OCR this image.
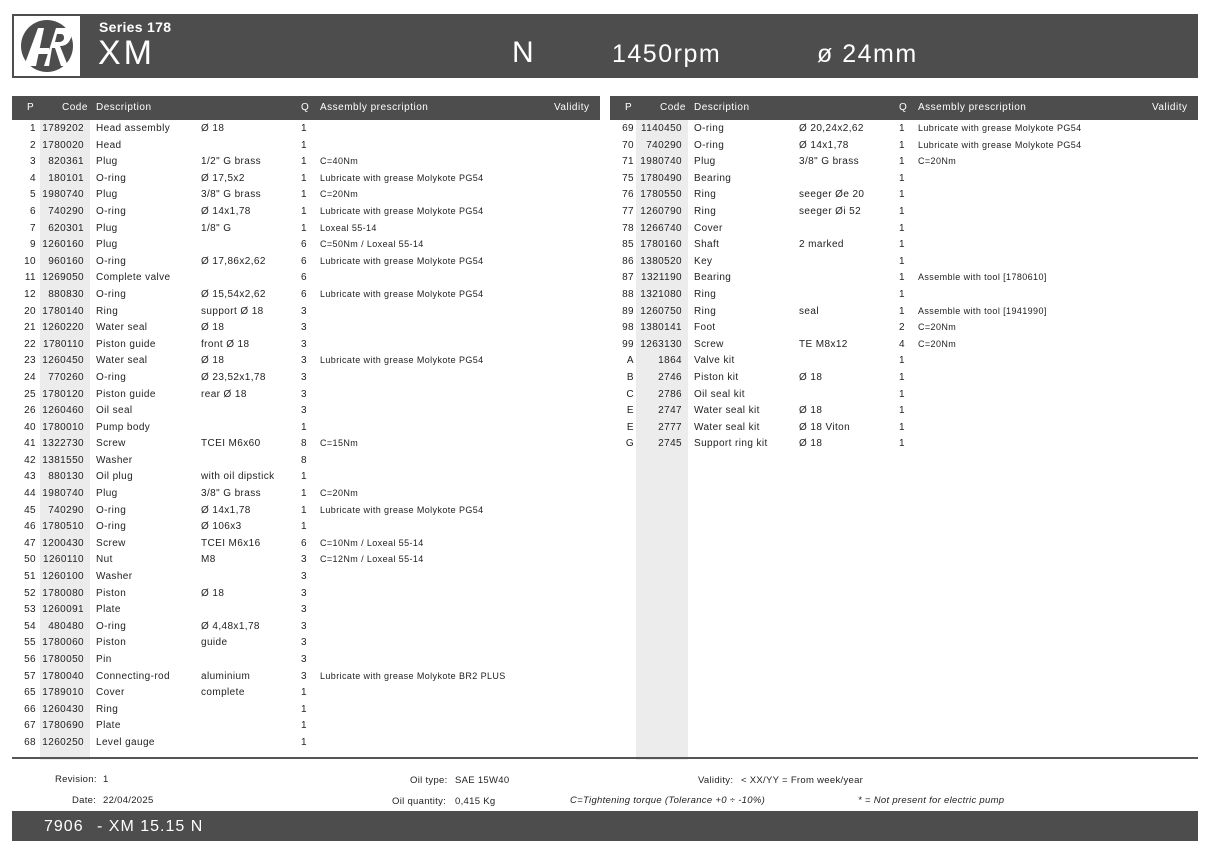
Series 178
XM	N	1450rpm	ø 24mm
P	Code Description	Q Assembly prescription	Validity
1 1789202 Head assembly	Ø 18	1
2 1780020 Head	1
3 820361 Plug	1/2" G brass	1 C=40Nm
4 180101 O-ring	Ø 17,5x2	1 Lubricate with grease Molykote PG54
5 1980740 Plug	3/8" G brass	1 C=20Nm
6 740290 O-ring	Ø 14x1,78	1 Lubricate with grease Molykote PG54
7 620301 Plug	1/8" G	1 Loxeal 55-14
9 1260160 Plug	6 C=50Nm / Loxeal 55-14
10 960160 O-ring	Ø 17,86x2,62	6 Lubricate with grease Molykote PG54
11 1269050 Complete valve	6
12 880830 O-ring	Ø 15,54x2,62	6 Lubricate with grease Molykote PG54
20 1780140 Ring	support Ø 18	3
21 1260220 Water seal	Ø 18	3
22 1780110 Piston guide	front Ø 18	3
23 1260450 Water seal	Ø 18	3 Lubricate with grease Molykote PG54
24 770260 O-ring	Ø 23,52x1,78	3
25 1780120 Piston guide	rear Ø 18	3
26 1260460 Oil seal	3
40 1780010 Pump body	1
41 1322730 Screw	TCEI M6x60	8 C=15Nm
42 1381550 Washer	8
43 880130 Oil plug	with oil dipstick	1
44 1980740 Plug	3/8" G brass	1 C=20Nm
45 740290 O-ring	Ø 14x1,78	1 Lubricate with grease Molykote PG54
46 1780510 O-ring	Ø 106x3	1
47 1200430 Screw	TCEI M6x16	6 C=10Nm / Loxeal 55-14
50 1260110 Nut	M8	3 C=12Nm / Loxeal 55-14
51 1260100 Washer	3
52 1780080 Piston	Ø 18	3
53 1260091 Plate	3
54 480480 O-ring	Ø 4,48x1,78	3
55 1780060 Piston	guide	3
56 1780050 Pin	3
57 1780040 Connecting-rod	aluminium	3 Lubricate with grease Molykote BR2 PLUS
65 1789010 Cover	complete	1
66 1260430 Ring	1
67 1780690 Plate	1
68 1260250 Level gauge	1
P	Code Description	Q Assembly prescription	Validity
69 1140450 O-ring	Ø 20,24x2,62	1 Lubricate with grease Molykote PG54
70 740290 O-ring	Ø 14x1,78	1 Lubricate with grease Molykote PG54
71 1980740 Plug	3/8" G brass	1 C=20Nm
75 1780490 Bearing	1
76 1780550 Ring	seeger Øe 20	1
77 1260790 Ring	seeger Øi 52	1
78 1266740 Cover	1
85 1780160 Shaft	2 marked	1
86 1380520 Key	1
87 1321190 Bearing	1 Assemble with tool [1780610]
88 1321080 Ring	1
89 1260750 Ring	seal	1 Assemble with tool [1941990]
98 1380141 Foot	2 C=20Nm
99 1263130 Screw	TE M8x12	4 C=20Nm
A 1864 Valve kit	1
B 2746 Piston kit	Ø 18	1
C 2786 Oil seal kit	1
E 2747 Water seal kit	Ø 18	1
E 2777 Water seal kit	Ø 18 Viton	1
G 2745 Support ring kit	Ø 18	1
Revision: 1
Date: 22/04/2025
Oil type: SAE 15W40
Oil quantity: 0,415 Kg
Validity: < XX/YY = From week/year
C=Tightening torque (Tolerance +0 ÷ -10%)	* = Not present for electric pump
7906 - XM 15.15 N
